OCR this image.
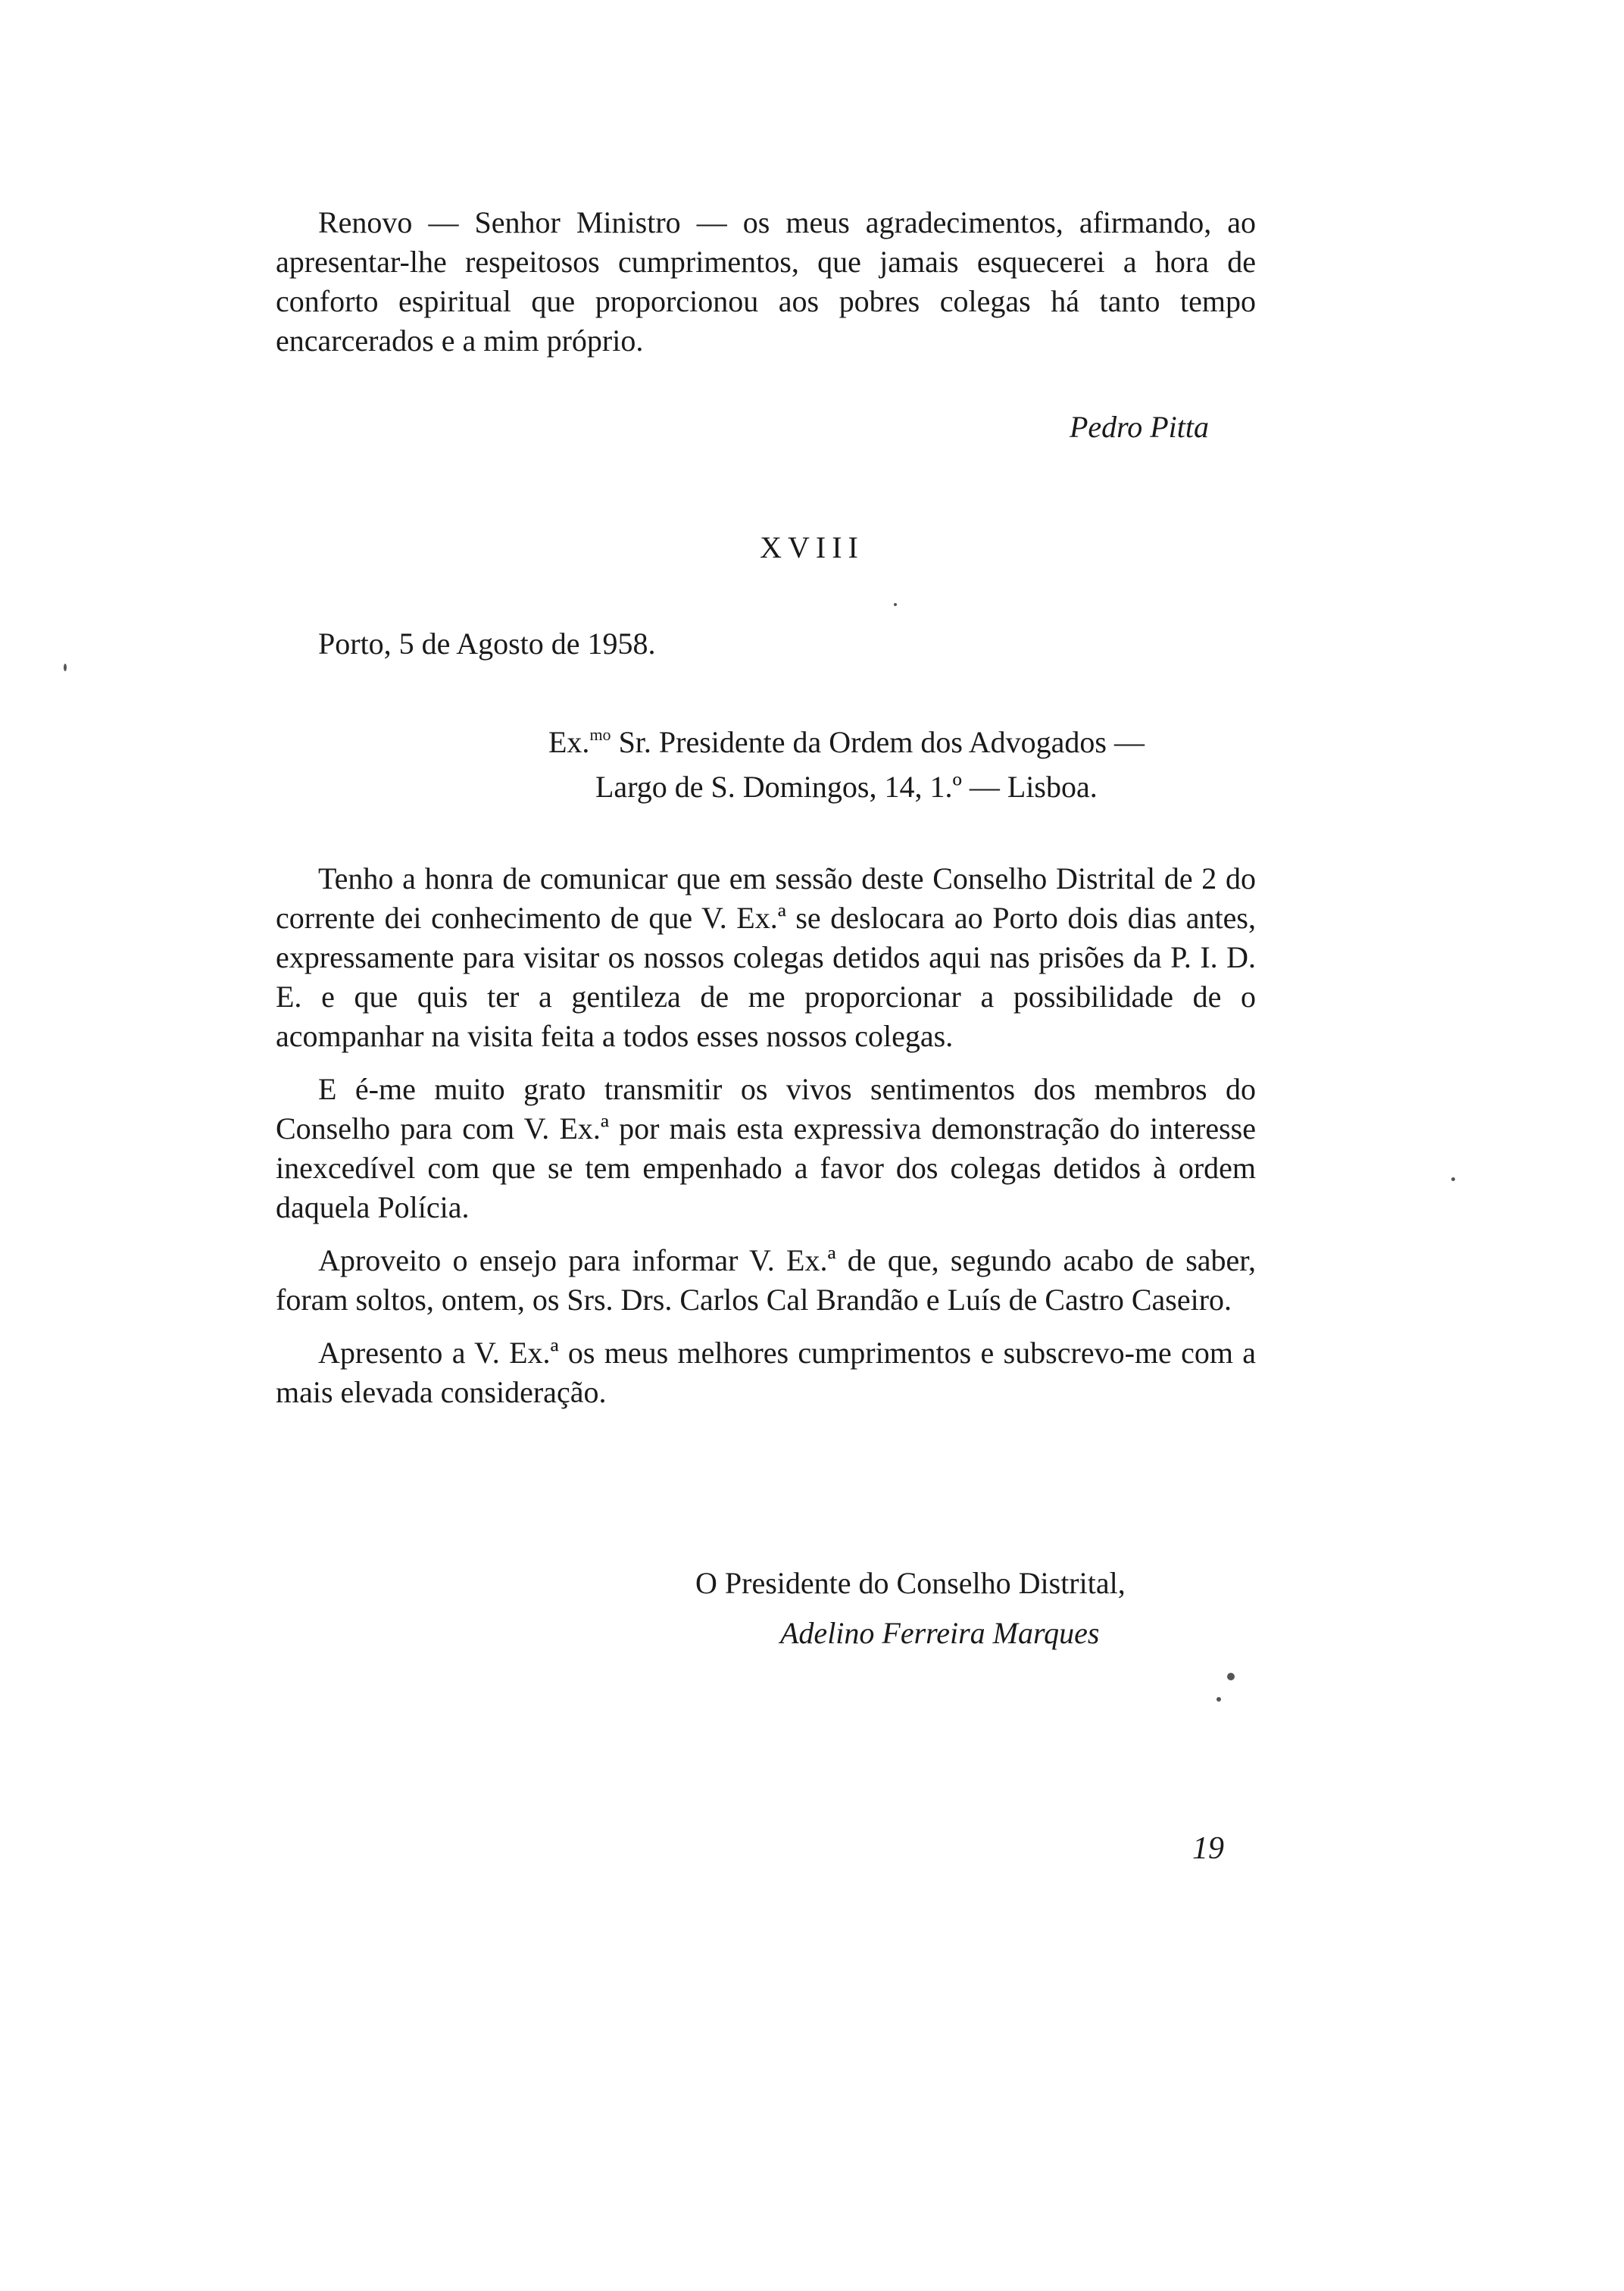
Renovo — Senhor Ministro — os meus agradecimentos, afirmando, ao apresentar-lhe respeitosos cumprimentos, que jamais esquecerei a hora de conforto espiritual que proporcionou aos pobres colegas há tanto tempo encarcerados e a mim próprio.
Pedro Pitta
XVIII
Porto, 5 de Agosto de 1958.
Ex.$^{mo}$ Sr. Presidente da Ordem dos Advogados —
Largo de S. Domingos, 14, 1.º — Lisboa.

Tenho a honra de comunicar que em sessão deste Conselho Distrital de 2 do corrente dei conhecimento de que V. Ex.ª se deslocara ao Porto dois dias antes, expressamente para visitar os nossos colegas detidos aqui nas prisões da P. I. D. E. e que quis ter a gentileza de me proporcionar a possibilidade de o acompanhar na visita feita a todos esses nossos colegas.

E é-me muito grato transmitir os vivos sentimentos dos membros do Conselho para com V. Ex.ª por mais esta expressiva demonstração do interesse inexcedível com que se tem empenhado a favor dos colegas detidos à ordem daquela Polícia.

Aproveito o ensejo para informar V. Ex.ª de que, segundo acabo de saber, foram soltos, ontem, os Srs. Drs. Carlos Cal Brandão e Luís de Castro Caseiro.

Apresento a V. Ex.ª os meus melhores cumprimentos e subscrevo-me com a mais elevada consideração.

O Presidente do Conselho Distrital,
Adelino Ferreira Marques
19
